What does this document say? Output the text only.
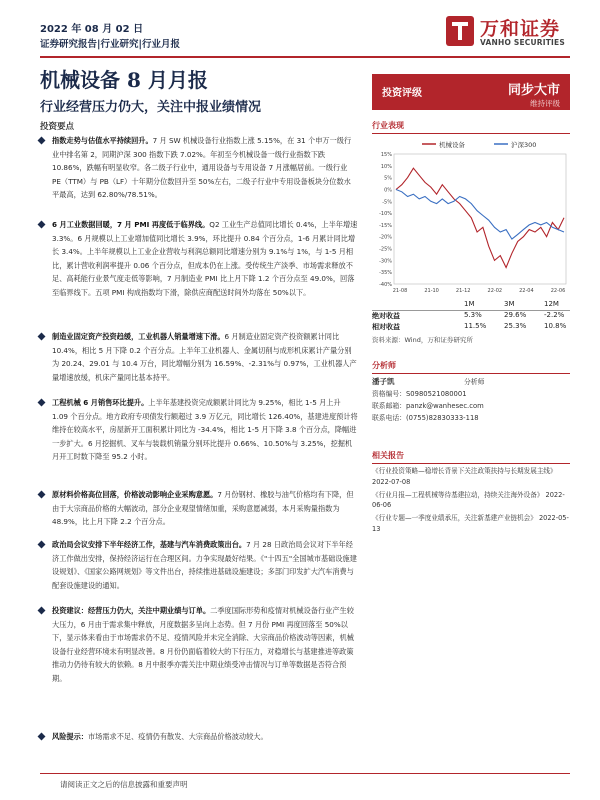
2022 年 08 月 02 日
证券研究报告|行业研究|行业月报
万和证券
VANHO SECURITIES
机械设备 8 月月报
行业经营压力仍大，关注中报业绩情况
投资要点
指数走势与估值水平持续回升。7 月 SW 机械设备行业指数上涨 5.15%，在 31 个申万一级行业中排名第 2，同期沪深 300 指数下跌 7.02%。年初至今机械设备一级行业指数下跌 10.86%，跌幅有明显收窄。各二级子行业中，通用设备与专用设备 7 月涨幅居前。一级行业 PE（TTM）与 PB（LF）十年期分位数回升至 50%左右，二级子行业中专用设备板块分位数水平最高，达到 62.80%/78.51%。
6 月工业数据回暖，7 月 PMI 再度低于临界线。Q2 工业生产总值同比增长 0.4%，上半年增速 3.3%。6 月规模以上工业增加值同比增长 3.9%，环比提升 0.84 个百分点，1-6 月累计同比增长 3.4%。上半年规模以上工业企业营收与利润总额同比增速分别为 9.1%与 1%，与 1-5 月相比，累计营收利润率提升 0.06 个百分点，但成本仍在上涨。受传统生产淡季、市场需求释放不足、高耗能行业景气度走低等影响，7 月制造业 PMI 比上月下降 1.2 个百分点至 49.0%，回落至临界线下。五项 PMI 构成指数均下滑，除供应商配送时间外均落在 50%以下。
制造业固定资产投资趋缓，工业机器人销量增速下滑。6 月制造业固定资产投资额累计同比 10.4%，相比 5 月下降 0.2 个百分点。上半年工业机器人、金属切削与成形机床累计产量分别为 20.24、29.01 与 10.4 万台，同比增幅分别为 16.59%、-2.31%与 0.97%，工业机器人产量增速放缓，机床产量同比基本持平。
工程机械 6 月销售环比提升。上半年基建投资完成额累计同比为 9.25%，相比 1-5 月上升 1.09 个百分点。地方政府专项债发行额超过 3.9 万亿元，同比增长 126.40%，基建进度预计将维持在较高水平，房屋新开工面积累计同比为 -34.4%，相比 1-5 月下降 3.8 个百分点，降幅进一步扩大。6 月挖掘机、叉车与装载机销量分别环比提升 0.66%、10.50%与 3.25%，挖掘机月开工时数下降至 95.2 小时。
原材料价格高位回落，价格波动影响企业采购意愿。7 月份钢材、橡胶与油气价格均有下降，但由于大宗商品价格的大幅波动，部分企业观望情绪加重，采购意愿减弱，本月采购量指数为 48.9%，比上月下降 2.2 个百分点。
政治局会议安排下半年经济工作，基建与汽车消费政策出台。7 月 28 日政治局会议对下半年经济工作做出安排，保持经济运行在合理区间。力争实现最好结果。《"十四五"全国城市基础设施建设规划》、《国家公路网规划》等文件出台，持续推进基础设施建设；多部门印发扩大汽车消费与配套设施建设的通知。
投资建议：经营压力仍大，关注中期业绩与订单。二季度国际形势和疫情对机械设备行业产生较大压力，6 月由于需求集中释放，月度数据多呈向上态势。但 7 月份 PMI 再度回落至 50%以下，显示体来看由于市场需求仍不足、疫情风险并未完全消除、大宗商品价格波动等因素，机械设备行业经营环境未有明显改善。8 月份仍面临着较大的下行压力，对稳增长与基建推进等政策推动力仍待有较大的依赖。8 月中报季亦需关注中期业绩受冲击情况与订单等数据是否符合预期。
风险提示：市场需求不足、疫情仍有散发、大宗商品价格波动较大。
投资评级	同步大市
维持评级
行业表现
机械设备	沪深300
15%
10%
5%
0%
-5%
-10%
-15%
-20%
-25%
-30%
-35%
-40%
21-08	21-10	21-12	22-02	22-04	22-06
1M	3M	12M
绝对收益	5.3%	29.6%	-2.2%
相对收益	11.5%	25.3%	10.8%
资料来源：Wind，万和证券研究所
分析师
潘子凯	分析师
资格编号：S0980521080001
联系邮箱：panzk@wanhesec.com
联系电话：(0755)82830333-118
相关报告
《行业投资策略—稳增长背景下关注政策扶持与长期发展主线》 2022-07-08
《行业月报—工程机械等待基建拉动，持续关注海外设备》 2022-06-06
《行业专题—一季度业绩承压，关注新基建产业链机会》 2022-05-13
请阅读正文之后的信息披露和重要声明
